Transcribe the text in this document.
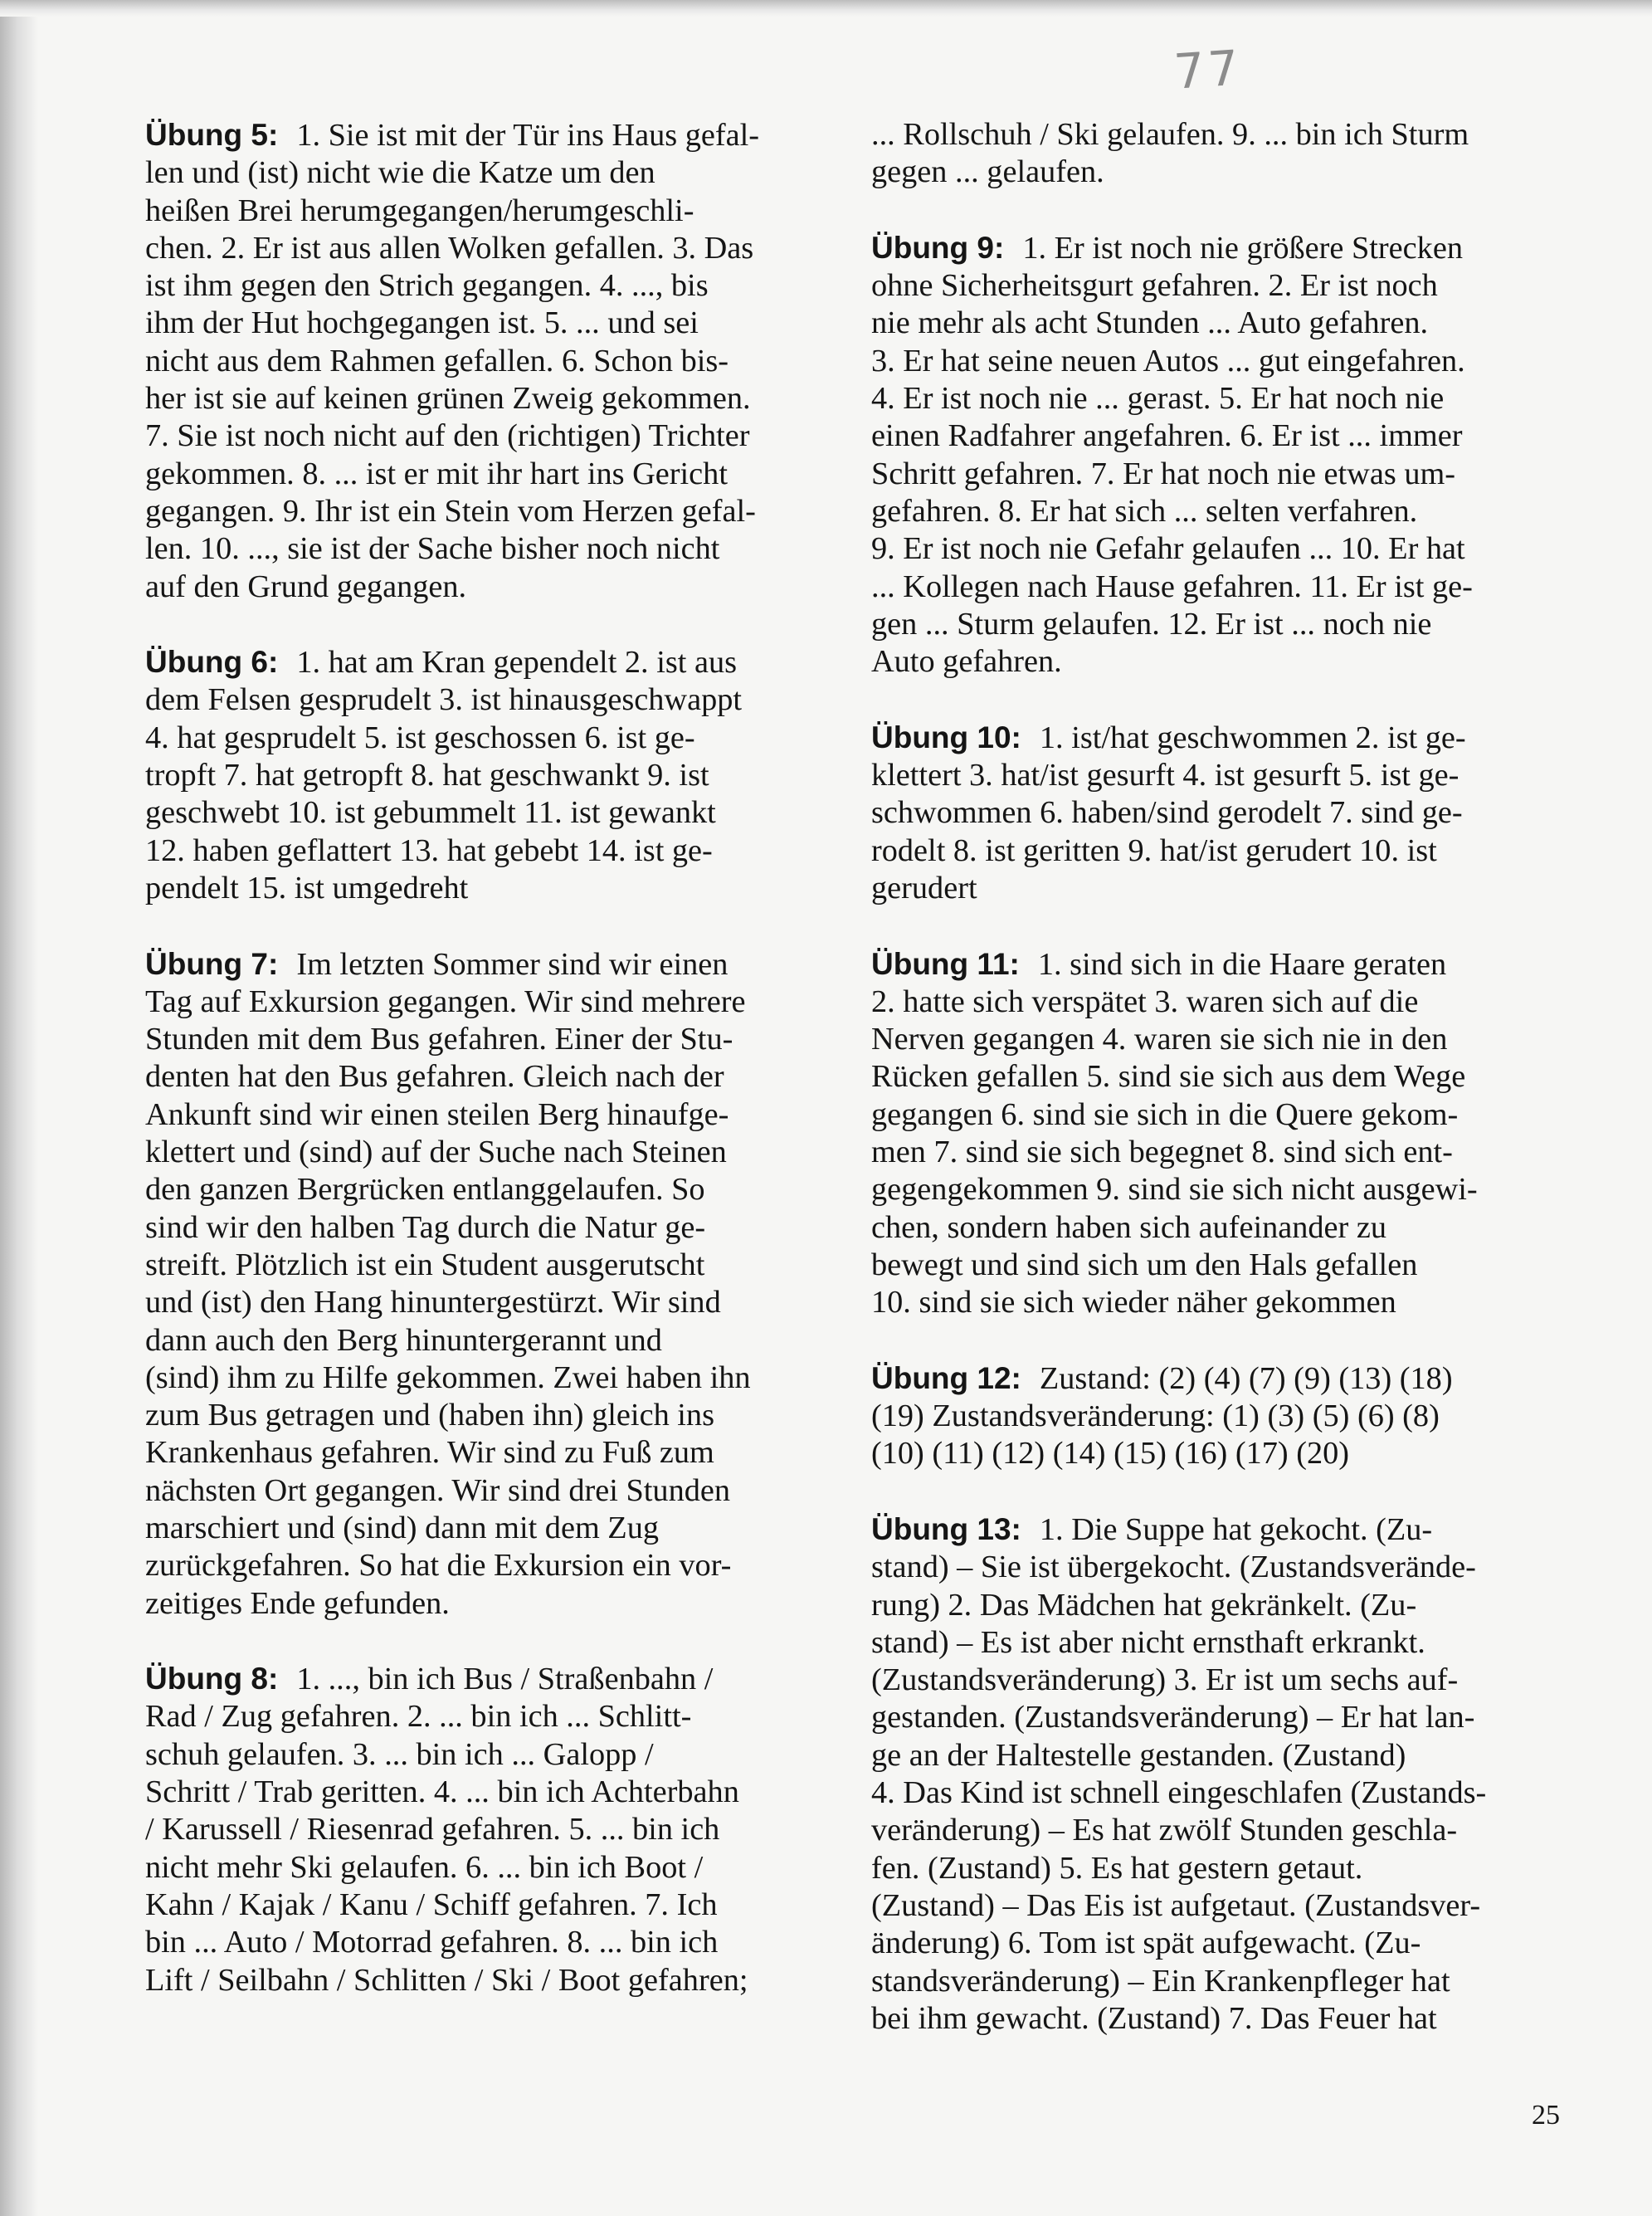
77
Übung 5: 1. Sie ist mit der Tür ins Haus gefal-
len und (ist) nicht wie die Katze um den
heißen Brei herumgegangen/herumgeschli-
chen. 2. Er ist aus allen Wolken gefallen. 3. Das
ist ihm gegen den Strich gegangen. 4. ..., bis
ihm der Hut hochgegangen ist. 5. ... und sei
nicht aus dem Rahmen gefallen. 6. Schon bis-
her ist sie auf keinen grünen Zweig gekommen.
7. Sie ist noch nicht auf den (richtigen) Trichter
gekommen. 8. ... ist er mit ihr hart ins Gericht
gegangen. 9. Ihr ist ein Stein vom Herzen gefal-
len. 10. ..., sie ist der Sache bisher noch nicht
auf den Grund gegangen.
Übung 6: 1. hat am Kran gependelt 2. ist aus
dem Felsen gesprudelt 3. ist hinausgeschwappt
4. hat gesprudelt 5. ist geschossen 6. ist ge-
tropft 7. hat getropft 8. hat geschwankt 9. ist
geschwebt 10. ist gebummelt 11. ist gewankt
12. haben geflattert 13. hat gebebt 14. ist ge-
pendelt 15. ist umgedreht
Übung 7: Im letzten Sommer sind wir einen
Tag auf Exkursion gegangen. Wir sind mehrere
Stunden mit dem Bus gefahren. Einer der Stu-
denten hat den Bus gefahren. Gleich nach der
Ankunft sind wir einen steilen Berg hinaufge-
klettert und (sind) auf der Suche nach Steinen
den ganzen Bergrücken entlanggelaufen. So
sind wir den halben Tag durch die Natur ge-
streift. Plötzlich ist ein Student ausgerutscht
und (ist) den Hang hinuntergestürzt. Wir sind
dann auch den Berg hinuntergerannt und
(sind) ihm zu Hilfe gekommen. Zwei haben ihn
zum Bus getragen und (haben ihn) gleich ins
Krankenhaus gefahren. Wir sind zu Fuß zum
nächsten Ort gegangen. Wir sind drei Stunden
marschiert und (sind) dann mit dem Zug
zurückgefahren. So hat die Exkursion ein vor-
zeitiges Ende gefunden.
Übung 8: 1. ..., bin ich Bus / Straßenbahn /
Rad / Zug gefahren. 2. ... bin ich ... Schlitt-
schuh gelaufen. 3. ... bin ich ... Galopp /
Schritt / Trab geritten. 4. ... bin ich Achterbahn
/ Karussell / Riesenrad gefahren. 5. ... bin ich
nicht mehr Ski gelaufen. 6. ... bin ich Boot /
Kahn / Kajak / Kanu / Schiff gefahren. 7. Ich
bin ... Auto / Motorrad gefahren. 8. ... bin ich
Lift / Seilbahn / Schlitten / Ski / Boot gefahren;
... Rollschuh / Ski gelaufen. 9. ... bin ich Sturm
gegen ... gelaufen.
Übung 9: 1. Er ist noch nie größere Strecken
ohne Sicherheitsgurt gefahren. 2. Er ist noch
nie mehr als acht Stunden ... Auto gefahren.
3. Er hat seine neuen Autos ... gut eingefahren.
4. Er ist noch nie ... gerast. 5. Er hat noch nie
einen Radfahrer angefahren. 6. Er ist ... immer
Schritt gefahren. 7. Er hat noch nie etwas um-
gefahren. 8. Er hat sich ... selten verfahren.
9. Er ist noch nie Gefahr gelaufen ... 10. Er hat
... Kollegen nach Hause gefahren. 11. Er ist ge-
gen ... Sturm gelaufen. 12. Er ist ... noch nie
Auto gefahren.
Übung 10: 1. ist/hat geschwommen 2. ist ge-
klettert 3. hat/ist gesurft 4. ist gesurft 5. ist ge-
schwommen 6. haben/sind gerodelt 7. sind ge-
rodelt 8. ist geritten 9. hat/ist gerudert 10. ist
gerudert
Übung 11: 1. sind sich in die Haare geraten
2. hatte sich verspätet 3. waren sich auf die
Nerven gegangen 4. waren sie sich nie in den
Rücken gefallen 5. sind sie sich aus dem Wege
gegangen 6. sind sie sich in die Quere gekom-
men 7. sind sie sich begegnet 8. sind sich ent-
gegengekommen 9. sind sie sich nicht ausgewi-
chen, sondern haben sich aufeinander zu
bewegt und sind sich um den Hals gefallen
10. sind sie sich wieder näher gekommen
Übung 12: Zustand: (2) (4) (7) (9) (13) (18)
(19) Zustandsveränderung: (1) (3) (5) (6) (8)
(10) (11) (12) (14) (15) (16) (17) (20)
Übung 13: 1. Die Suppe hat gekocht. (Zu-
stand) – Sie ist übergekocht. (Zustandsverände-
rung) 2. Das Mädchen hat gekränkelt. (Zu-
stand) – Es ist aber nicht ernsthaft erkrankt.
(Zustandsveränderung) 3. Er ist um sechs auf-
gestanden. (Zustandsveränderung) – Er hat lan-
ge an der Haltestelle gestanden. (Zustand)
4. Das Kind ist schnell eingeschlafen (Zustands-
veränderung) – Es hat zwölf Stunden geschla-
fen. (Zustand) 5. Es hat gestern getaut.
(Zustand) – Das Eis ist aufgetaut. (Zustandsver-
änderung) 6. Tom ist spät aufgewacht. (Zu-
standsveränderung) – Ein Krankenpfleger hat
bei ihm gewacht. (Zustand) 7. Das Feuer hat
25
